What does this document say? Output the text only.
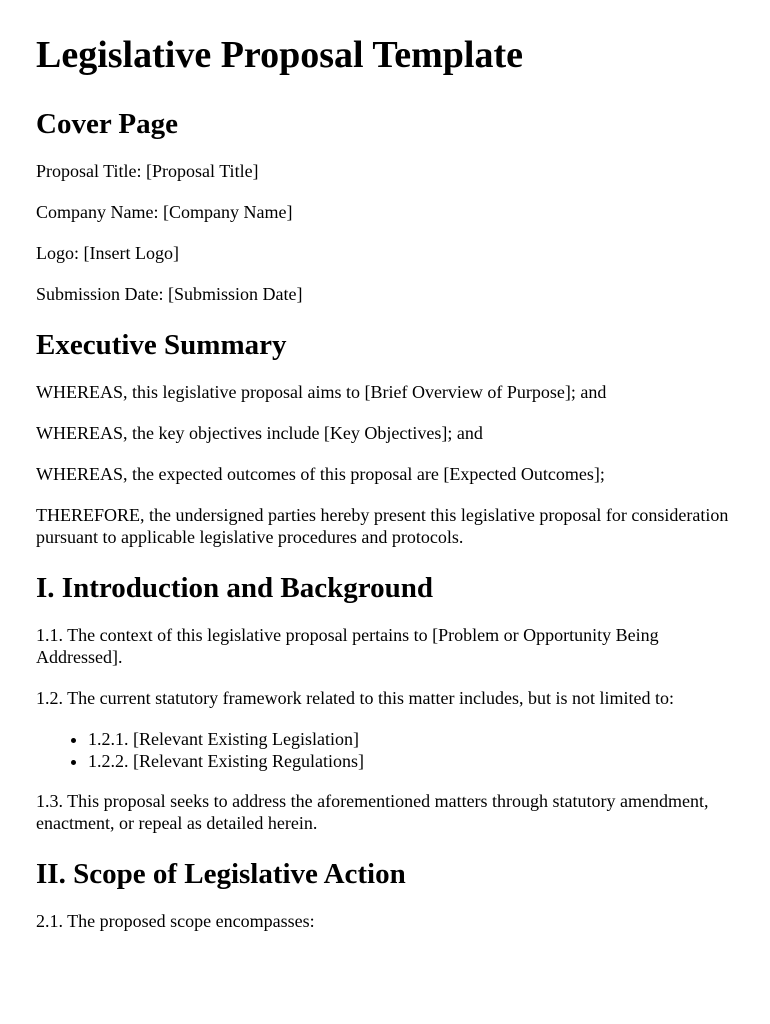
Legislative Proposal Template
Cover Page

Proposal Title: [Proposal Title]

Company Name: [Company Name]

Logo: [Insert Logo]

Submission Date: [Submission Date]

Executive Summary

WHEREAS, this legislative proposal aims to [Brief Overview of Purpose]; and

WHEREAS, the key objectives include [Key Objectives]; and

WHEREAS, the expected outcomes of this proposal are [Expected Outcomes];

THEREFORE, the undersigned parties hereby present this legislative proposal for consideration pursuant to applicable legislative procedures and protocols.

I. Introduction and Background

1.1. The context of this legislative proposal pertains to [Problem or Opportunity Being Addressed].

1.2. The current statutory framework related to this matter includes, but is not limited to:

• 1.2.1. [Relevant Existing Legislation]
• 1.2.2. [Relevant Existing Regulations]

1.3. This proposal seeks to address the aforementioned matters through statutory amendment, enactment, or repeal as detailed herein.

II. Scope of Legislative Action

2.1. The proposed scope encompasses:
